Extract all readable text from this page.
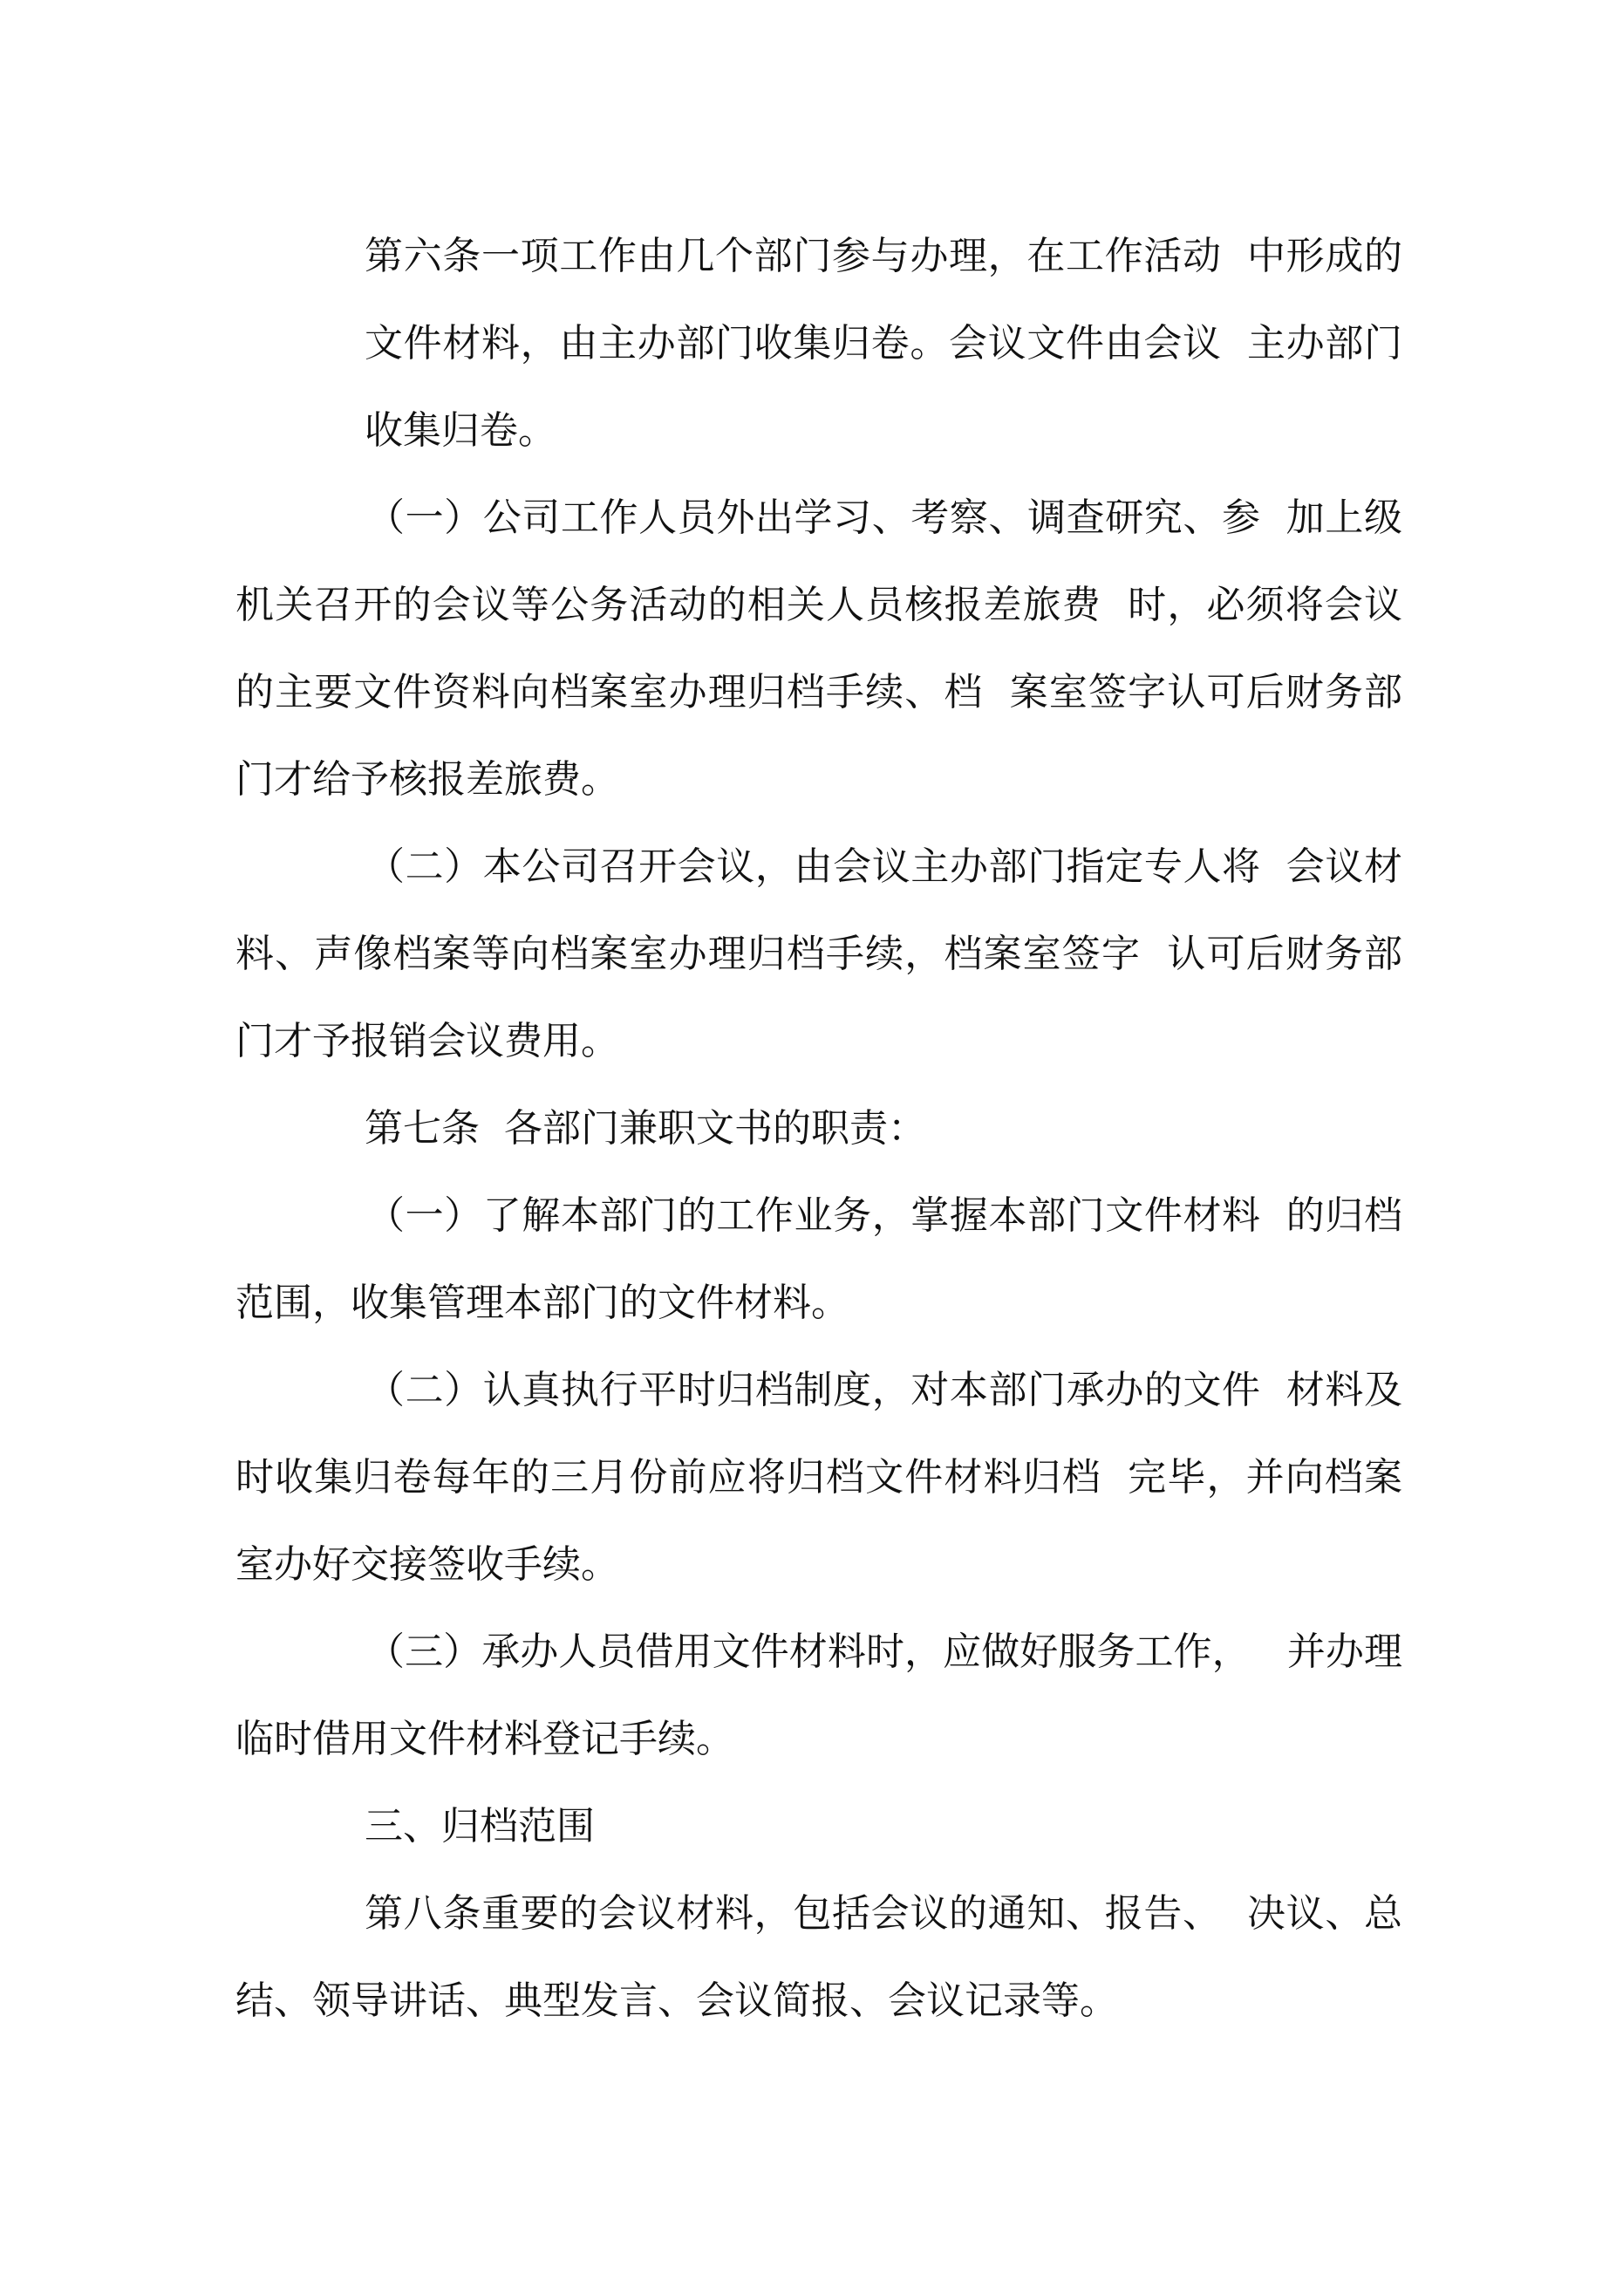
第六条一项工作由几个部门参与办理，在工作活动  中形成的

文件材料，由主办部门收集归卷。会议文件由会议  主办部门

收集归卷。

（一）公司工作人员外出学习、考察、调查研究、参  加上级

机关召开的会议等公务活动的相关人员核报差旅费  时，必须将会议

的主要文件资料向档案室办理归档手续、档  案室签字认可后财务部

门才给予核报差旅费。

（二）本公司召开会议，由会议主办部门指定专人将  会议材

料、声像档案等向档案室办理归档手续，档案室签字  认可后财务部

门才予报销会议费用。

第七条  各部门兼职文书的职责：

（一）了解本部门的工作业务，掌握本部门文件材料  的归档

范围，收集管理本部门的文件材料。

（二）认真执行平时归档制度，对本部门承办的文件  材料及

时收集归卷每年的三月份前应将归档文件材料归档  完毕，并向档案

室办好交接签收手续。

（三）承办人员借用文件材料时，应做好服务工作，   并办理

临时借用文件材料登记手续。

三、归档范围

第八条重要的会议材料，包括会议的通知、报告、  决议、总

结、领导讲话、典型发言、会议简报、会议记录等。
